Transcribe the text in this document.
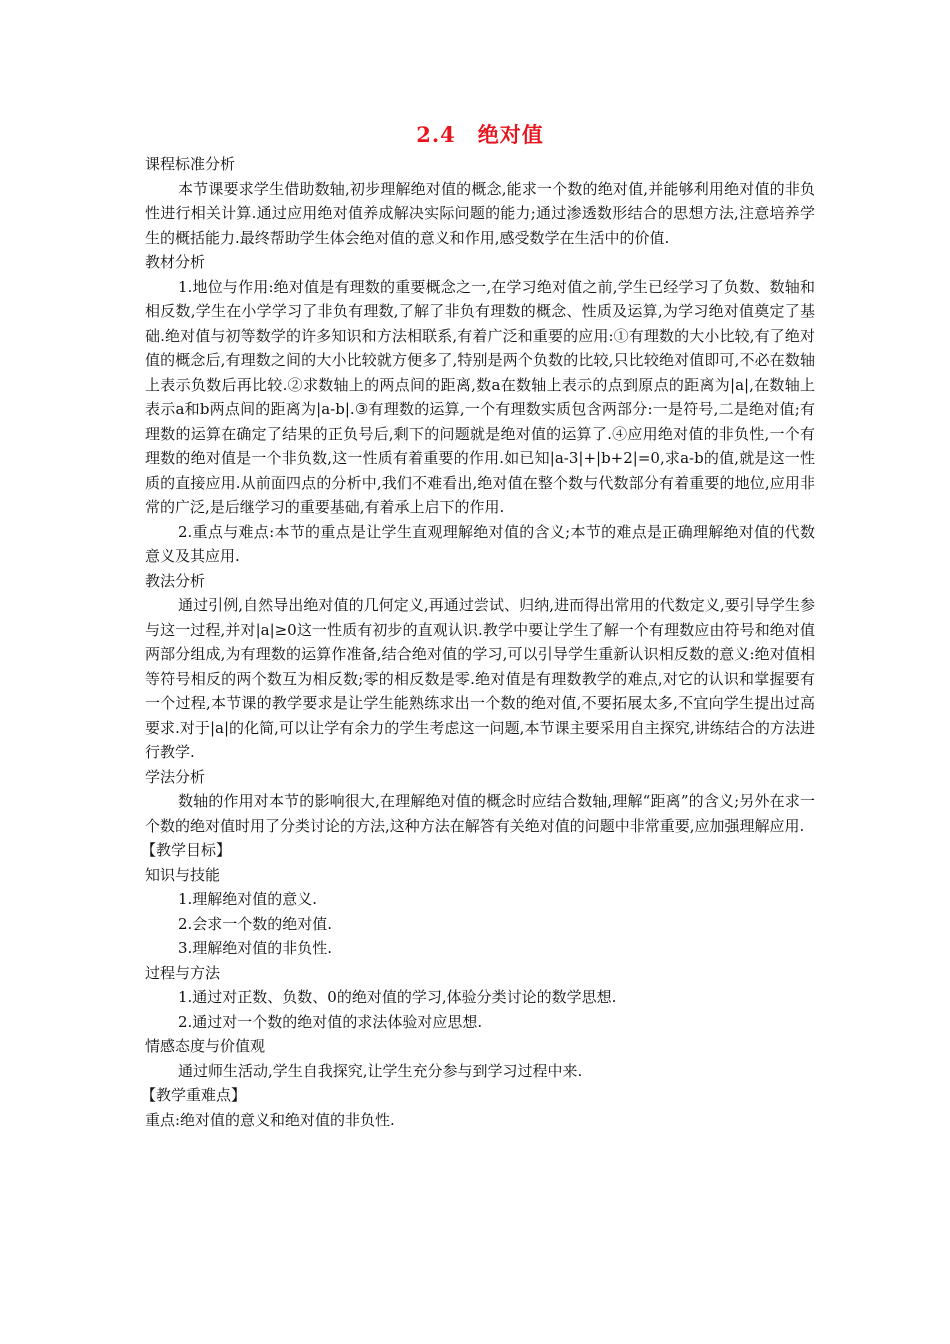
2.4　绝对值

课程标准分析

本节课要求学生借助数轴,初步理解绝对值的概念,能求一个数的绝对值,并能够利用绝对值的非负性进行相关计算.通过应用绝对值养成解决实际问题的能力;通过渗透数形结合的思想方法,注意培养学生的概括能力.最终帮助学生体会绝对值的意义和作用,感受数学在生活中的价值.

教材分析

1.地位与作用:绝对值是有理数的重要概念之一,在学习绝对值之前,学生已经学习了负数、数轴和相反数,学生在小学学习了非负有理数,了解了非负有理数的概念、性质及运算,为学习绝对值奠定了基础.绝对值与初等数学的许多知识和方法相联系,有着广泛和重要的应用:①有理数的大小比较,有了绝对值的概念后,有理数之间的大小比较就方便多了,特别是两个负数的比较,只比较绝对值即可,不必在数轴上表示负数后再比较.②求数轴上的两点间的距离,数a在数轴上表示的点到原点的距离为|a|,在数轴上表示a和b两点间的距离为|a-b|.③有理数的运算,一个有理数实质包含两部分:一是符号,二是绝对值;有理数的运算在确定了结果的正负号后,剩下的问题就是绝对值的运算了.④应用绝对值的非负性,一个有理数的绝对值是一个非负数,这一性质有着重要的作用.如已知|a-3|+|b+2|=0,求a-b的值,就是这一性质的直接应用.从前面四点的分析中,我们不难看出,绝对值在整个数与代数部分有着重要的地位,应用非常的广泛,是后继学习的重要基础,有着承上启下的作用.

2.重点与难点:本节的重点是让学生直观理解绝对值的含义;本节的难点是正确理解绝对值的代数意义及其应用.

教法分析

通过引例,自然导出绝对值的几何定义,再通过尝试、归纳,进而得出常用的代数定义,要引导学生参与这一过程,并对|a|≥0这一性质有初步的直观认识.教学中要让学生了解一个有理数应由符号和绝对值两部分组成,为有理数的运算作准备,结合绝对值的学习,可以引导学生重新认识相反数的意义:绝对值相等符号相反的两个数互为相反数;零的相反数是零.绝对值是有理数教学的难点,对它的认识和掌握要有一个过程,本节课的教学要求是让学生能熟练求出一个数的绝对值,不要拓展太多,不宜向学生提出过高要求.对于|a|的化简,可以让学有余力的学生考虑这一问题,本节课主要采用自主探究,讲练结合的方法进行教学.

学法分析

数轴的作用对本节的影响很大,在理解绝对值的概念时应结合数轴,理解“距离”的含义;另外在求一个数的绝对值时用了分类讨论的方法,这种方法在解答有关绝对值的问题中非常重要,应加强理解应用.

【教学目标】

知识与技能

1.理解绝对值的意义.

2.会求一个数的绝对值.

3.理解绝对值的非负性.

过程与方法

1.通过对正数、负数、0的绝对值的学习,体验分类讨论的数学思想.

2.通过对一个数的绝对值的求法体验对应思想.

情感态度与价值观

通过师生活动,学生自我探究,让学生充分参与到学习过程中来.

【教学重难点】

重点:绝对值的意义和绝对值的非负性.
